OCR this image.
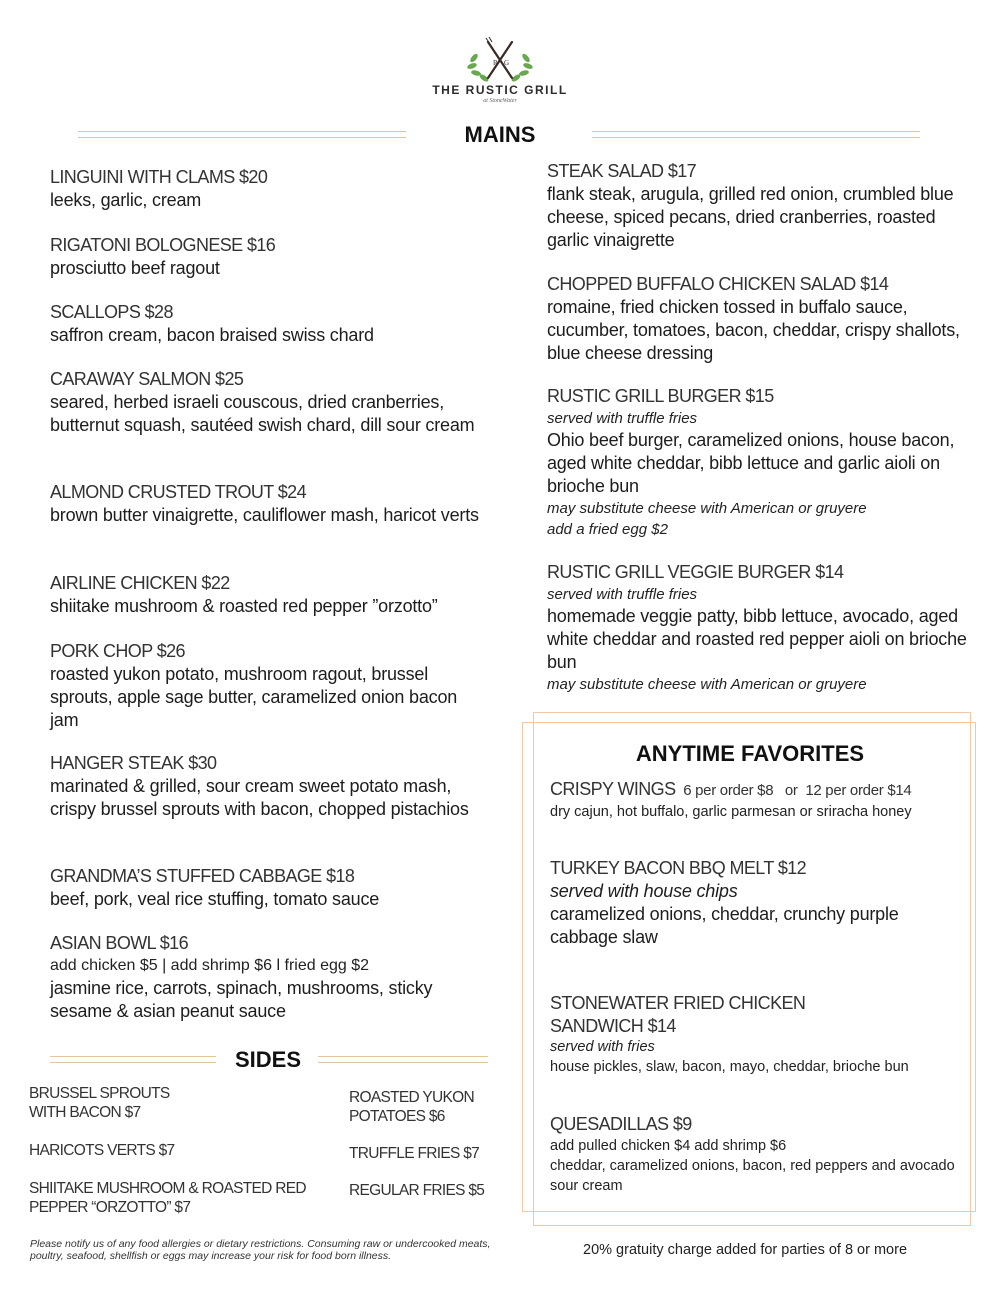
R G
THE RUSTIC GRILL
at StoneWater
MAINS
LINGUINI WITH CLAMS $20
leeks, garlic, cream
RIGATONI BOLOGNESE $16
prosciutto beef ragout
SCALLOPS $28
saffron cream, bacon braised swiss chard
CARAWAY SALMON $25
seared, herbed israeli couscous, dried cranberries, butternut squash, sautéed swish chard, dill sour cream
ALMOND CRUSTED TROUT $24
brown butter vinaigrette, cauliflower mash, haricot verts
AIRLINE CHICKEN $22
shiitake mushroom & roasted red pepper ”orzotto”
PORK CHOP $26
roasted yukon potato, mushroom ragout, brussel sprouts, apple sage butter, caramelized onion bacon jam
HANGER STEAK $30
marinated & grilled, sour cream sweet potato mash, crispy brussel sprouts with bacon, chopped pistachios
GRANDMA’S STUFFED CABBAGE $18
beef, pork, veal rice stuffing, tomato sauce
ASIAN BOWL $16
add chicken $5 | add shrimp $6 l fried egg $2
jasmine rice, carrots, spinach, mushrooms, sticky sesame & asian peanut sauce
STEAK SALAD $17
flank steak, arugula, grilled red onion, crumbled blue cheese, spiced pecans, dried cranberries, roasted garlic vinaigrette
CHOPPED BUFFALO CHICKEN SALAD $14
romaine, fried chicken tossed in buffalo sauce, cucumber, tomatoes, bacon, cheddar, crispy shallots, blue cheese dressing
RUSTIC GRILL BURGER $15
served with truffle fries
Ohio beef burger, caramelized onions, house bacon, aged white cheddar, bibb lettuce and garlic aioli on brioche bun
may substitute cheese with American or gruyere
add a fried egg $2
RUSTIC GRILL VEGGIE BURGER $14
served with truffle fries
homemade veggie patty, bibb lettuce, avocado, aged white cheddar and roasted red pepper aioli on brioche bun
may substitute cheese with American or gruyere
ANYTIME FAVORITES
CRISPY WINGS  6 per order $8   or  12 per order $14
dry cajun, hot buffalo, garlic parmesan or sriracha honey
TURKEY BACON BBQ MELT $12
served with house chips
caramelized onions, cheddar, crunchy purple cabbage slaw
STONEWATER FRIED CHICKEN SANDWICH $14
served with fries
house pickles, slaw, bacon, mayo, cheddar, brioche bun
QUESADILLAS $9
add pulled chicken $4 add shrimp $6
cheddar, caramelized onions, bacon, red peppers and avocado sour cream
SIDES
BRUSSEL SPROUTS WITH BACON $7
HARICOTS VERTS $7
SHIITAKE MUSHROOM & ROASTED RED PEPPER “ORZOTTO” $7
ROASTED YUKON POTATOES $6
TRUFFLE FRIES $7
REGULAR FRIES $5
Please notify us of any food allergies or dietary restrictions. Consuming raw or undercooked meats, poultry, seafood, shellfish or eggs may increase your risk for food born illness.	20% gratuity charge added for parties of 8 or more
